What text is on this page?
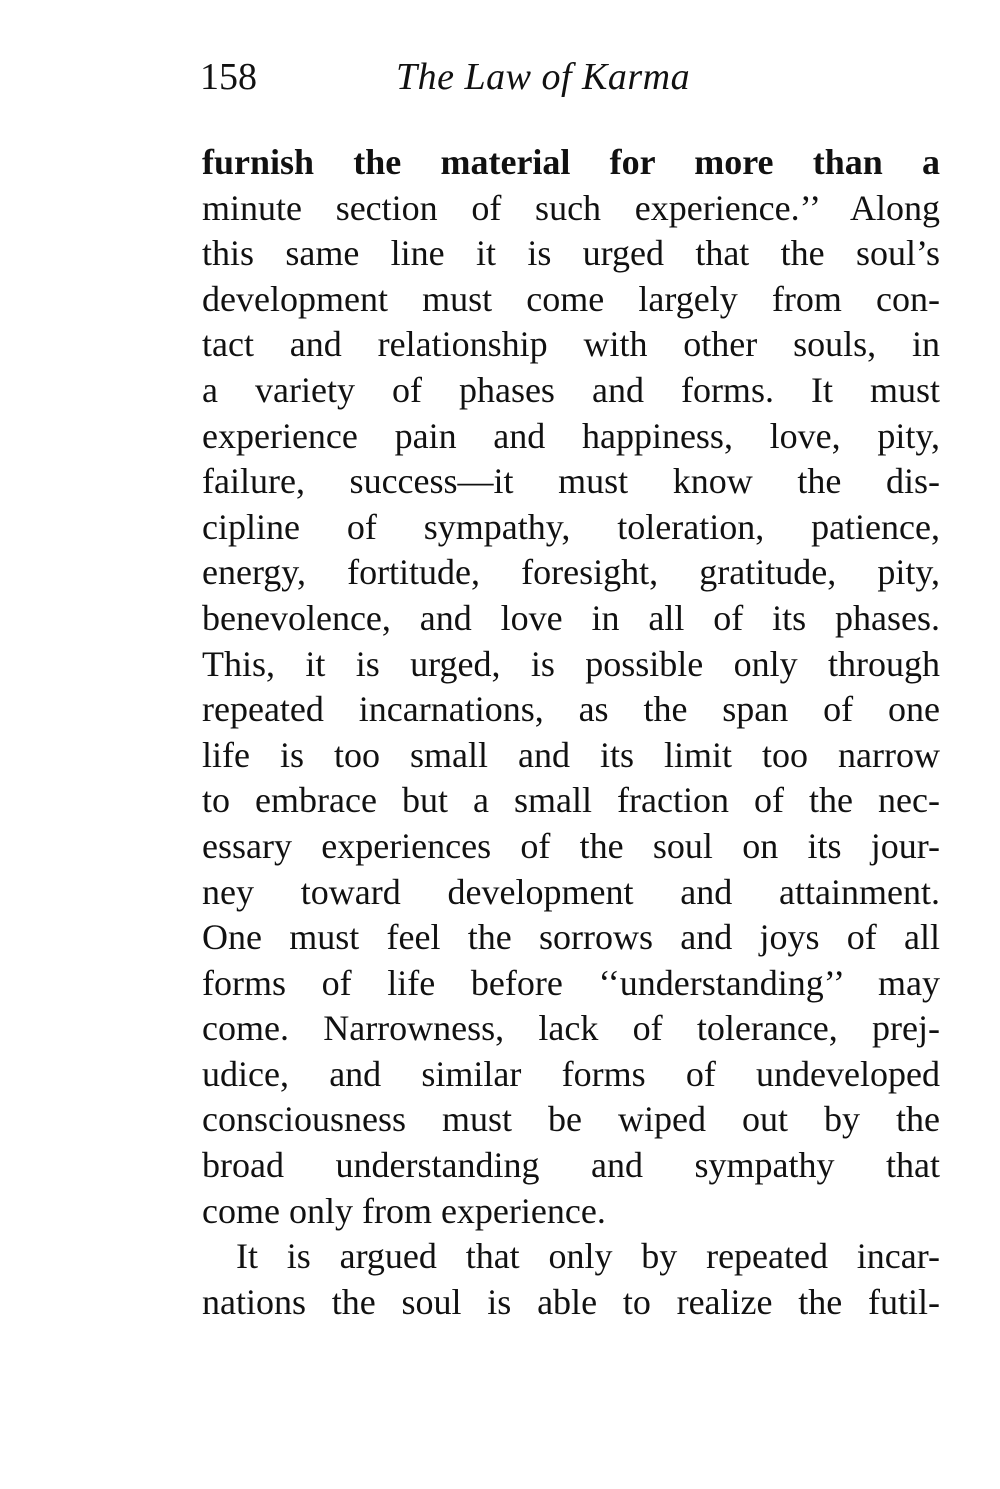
158	The Law of Karma
furnish the material for more than a
minute section of such experience.’’ Along
this same line it is urged that the soul’s
development must come largely from con-
tact and relationship with other souls, in
a variety of phases and forms. It must
experience pain and happiness, love, pity,
failure, success—it must know the dis-
cipline of sympathy, toleration, patience,
energy, fortitude, foresight, gratitude, pity,
benevolence, and love in all of its phases.
This, it is urged, is possible only through
repeated incarnations, as the span of one
life is too small and its limit too narrow
to embrace but a small fraction of the nec-
essary experiences of the soul on its jour-
ney toward development and attainment.
One must feel the sorrows and joys of all
forms of life before ‘‘understanding’’ may
come. Narrowness, lack of tolerance, prej-
udice, and similar forms of undeveloped
consciousness must be wiped out by the
broad understanding and sympathy that
come only from experience.
It is argued that only by repeated incar-
nations the soul is able to realize the futil-
